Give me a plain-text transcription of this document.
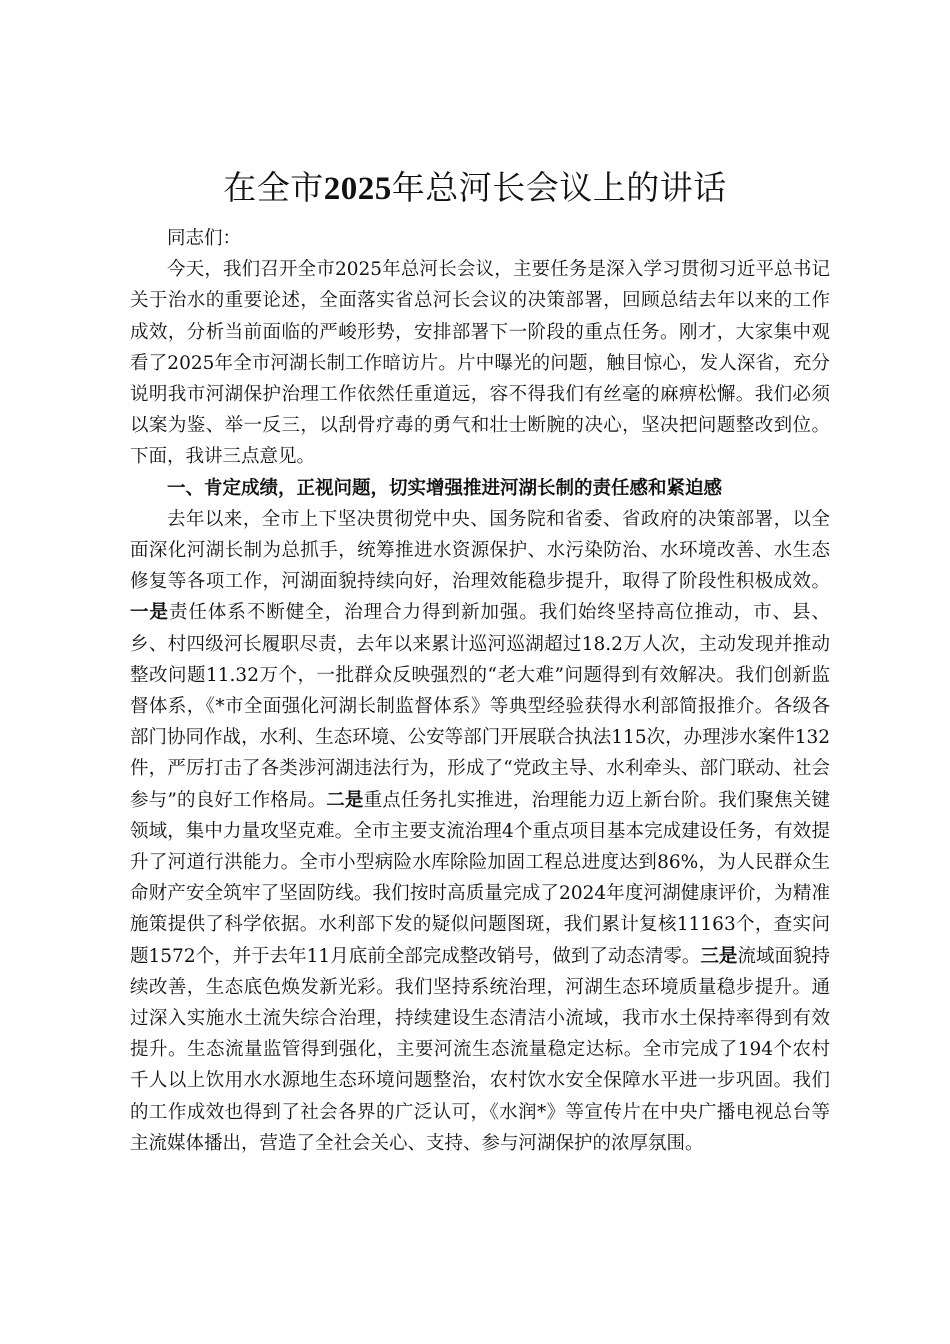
在全市2025年总河长会议上的讲话

同志们：

今天，我们召开全市2025年总河长会议，主要任务是深入学习贯彻习近平总书记关于治水的重要论述，全面落实省总河长会议的决策部署，回顾总结去年以来的工作成效，分析当前面临的严峻形势，安排部署下一阶段的重点任务。刚才，大家集中观看了2025年全市河湖长制工作暗访片。片中曝光的问题，触目惊心，发人深省，充分说明我市河湖保护治理工作依然任重道远，容不得我们有丝毫的麻痹松懈。我们必须以案为鉴、举一反三，以刮骨疗毒的勇气和壮士断腕的决心，坚决把问题整改到位。下面，我讲三点意见。

一、肯定成绩，正视问题，切实增强推进河湖长制的责任感和紧迫感

去年以来，全市上下坚决贯彻党中央、国务院和省委、省政府的决策部署，以全面深化河湖长制为总抓手，统筹推进水资源保护、水污染防治、水环境改善、水生态修复等各项工作，河湖面貌持续向好，治理效能稳步提升，取得了阶段性积极成效。一是责任体系不断健全，治理合力得到新加强。我们始终坚持高位推动，市、县、乡、村四级河长履职尽责，去年以来累计巡河巡湖超过18.2万人次，主动发现并推动整改问题11.32万个，一批群众反映强烈的“老大难”问题得到有效解决。我们创新监督体系，《*市全面强化河湖长制监督体系》等典型经验获得水利部简报推介。各级各部门协同作战，水利、生态环境、公安等部门开展联合执法115次，办理涉水案件132件，严厉打击了各类涉河湖违法行为，形成了“党政主导、水利牵头、部门联动、社会参与”的良好工作格局。二是重点任务扎实推进，治理能力迈上新台阶。我们聚焦关键领域，集中力量攻坚克难。全市主要支流治理4个重点项目基本完成建设任务，有效提升了河道行洪能力。全市小型病险水库除险加固工程总进度达到86%，为人民群众生命财产安全筑牢了坚固防线。我们按时高质量完成了2024年度河湖健康评价，为精准施策提供了科学依据。水利部下发的疑似问题图斑，我们累计复核11163个，查实问题1572个，并于去年11月底前全部完成整改销号，做到了动态清零。三是流域面貌持续改善，生态底色焕发新光彩。我们坚持系统治理，河湖生态环境质量稳步提升。通过深入实施水土流失综合治理，持续建设生态清洁小流域，我市水土保持率得到有效提升。生态流量监管得到强化，主要河流生态流量稳定达标。全市完成了194个农村千人以上饮用水水源地生态环境问题整治，农村饮水安全保障水平进一步巩固。我们的工作成效也得到了社会各界的广泛认可，《水润*》等宣传片在中央广播电视总台等主流媒体播出，营造了全社会关心、支持、参与河湖保护的浓厚氛围。
